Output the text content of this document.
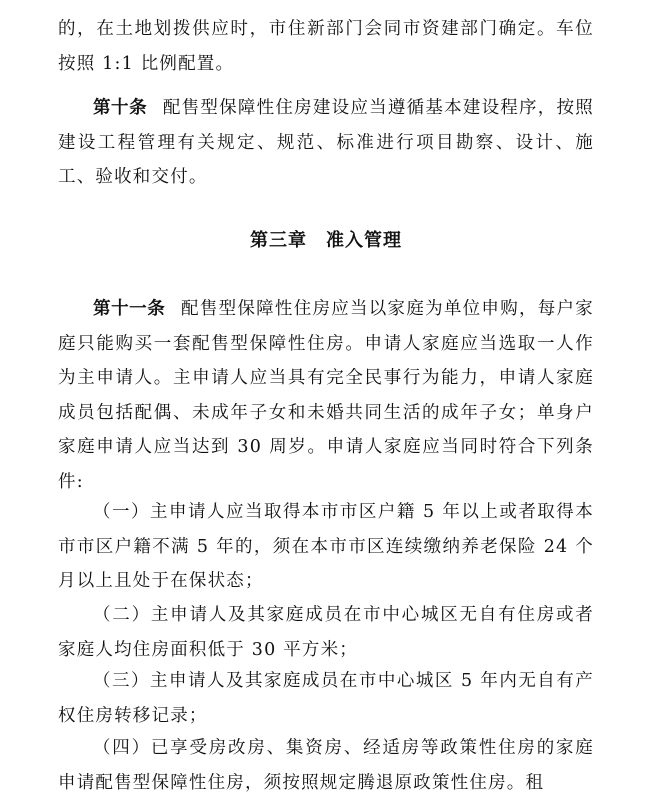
的，在土地划拨供应时，市住新部门会同市资建部门确定。车位按照 1:1 比例配置。

第十条 配售型保障性住房建设应当遵循基本建设程序，按照建设工程管理有关规定、规范、标准进行项目勘察、设计、施工、验收和交付。

第三章　准入管理

第十一条 配售型保障性住房应当以家庭为单位申购，每户家庭只能购买一套配售型保障性住房。申请人家庭应当选取一人作为主申请人。主申请人应当具有完全民事行为能力，申请人家庭成员包括配偶、未成年子女和未婚共同生活的成年子女；单身户家庭申请人应当达到 30 周岁。申请人家庭应当同时符合下列条件:

（一）主申请人应当取得本市市区户籍 5 年以上或者取得本市市区户籍不满 5 年的，须在本市市区连续缴纳养老保险 24 个月以上且处于在保状态；

（二）主申请人及其家庭成员在市中心城区无自有住房或者家庭人均住房面积低于 30 平方米；

（三）主申请人及其家庭成员在市中心城区 5 年内无自有产权住房转移记录；

（四）已享受房改房、集资房、经适房等政策性住房的家庭申请配售型保障性住房，须按照规定腾退原政策性住房。租
